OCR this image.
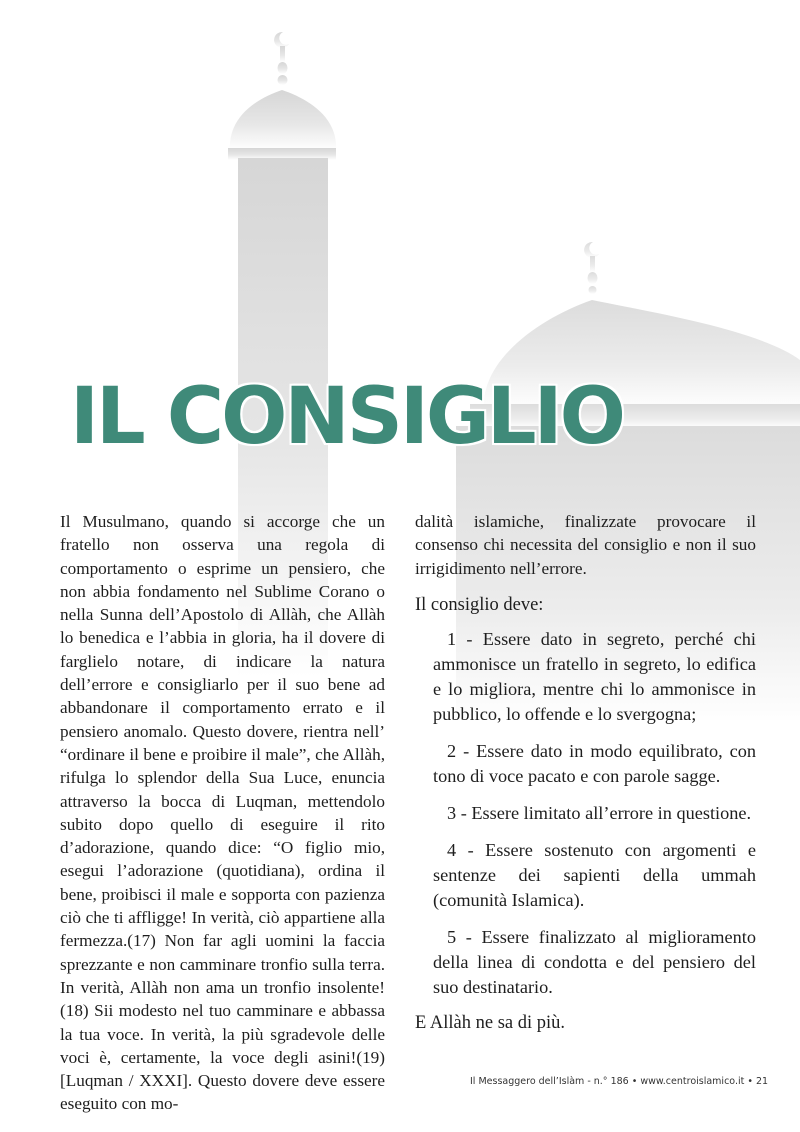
IL CONSIGLIO

Il Musulmano, quando si accorge che un fratello non osserva una regola di comportamento o esprime un pensiero, che non abbia fondamento nel Sublime Corano o nella Sunna dell’Apostolo di Allàh, che Allàh lo benedica e l’abbia in gloria, ha il dovere di farglielo notare, di indicare la natura dell’errore e consigliarlo per il suo bene ad abbandonare il comportamento errato e il pensiero anomalo. Questo dovere, rientra nell’ “ordinare il bene e proibire il male”, che Allàh, rifulga lo splendor della Sua Luce, enuncia attraverso la bocca di Luqman, mettendolo subito dopo quello di eseguire il rito d’adorazione, quando dice: “O figlio mio, esegui l’adorazione (quotidiana), ordina il bene, proibisci il male e sopporta con pazienza ciò che ti affligge! In verità, ciò appartiene alla fermezza.(17) Non far agli uomini la faccia sprezzante e non camminare tronfio sulla terra. In verità, Allàh non ama un tronfio insolente!(18) Sii modesto nel tuo camminare e abbassa la tua voce. In verità, la più sgradevole delle voci è, certamente, la voce degli asini!(19) [Luqman / XXXI]. Questo dovere deve essere eseguito con mo-

dalità islamiche, finalizzate provocare il consenso chi necessita del consiglio e non il suo irrigidimento nell’errore.

Il consiglio deve:

1 - Essere dato in segreto, perché chi ammonisce un fratello in segreto, lo edifica e lo migliora, mentre chi lo ammonisce in pubblico, lo offende e lo svergogna;

2 - Essere dato in modo equilibrato, con tono di voce pacato e con parole sagge.

3 - Essere limitato all’errore in questione.

4 - Essere sostenuto con argomenti e sentenze dei sapienti della ummah (comunità Islamica).

5 - Essere finalizzato al miglioramento della linea di condotta e del pensiero del suo destinatario.

E Allàh ne sa di più.

Il Messaggero dell’Islàm - n.° 186 • www.centroislamico.it • 21
